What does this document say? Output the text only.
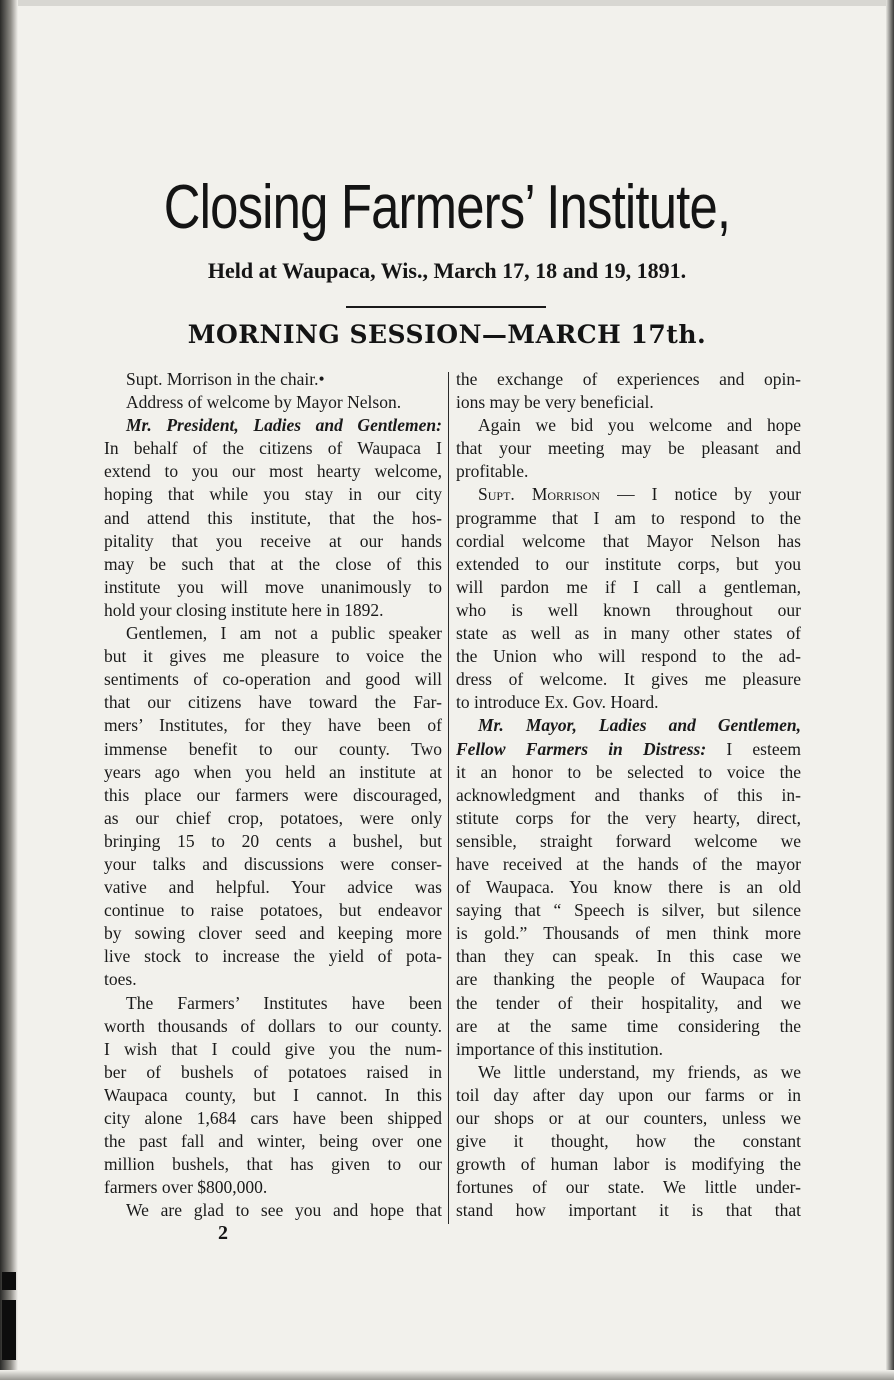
Closing Farmers’ Institute,
Held at Waupaca, Wis., March 17, 18 and 19, 1891.
MORNING SESSION—MARCH 17th.
Supt. Morrison in the chair.•
Address of welcome by Mayor Nelson.
Mr. President, Ladies and Gentlemen:
In behalf of the citizens of Waupaca I
extend to you our most hearty welcome,
hoping that while you stay in our city
and attend this institute, that the hos-
pitality that you receive at our hands
may be such that at the close of this
institute you will move unanimously to
hold your closing institute here in 1892.
Gentlemen, I am not a public speaker
but it gives me pleasure to voice the
sentiments of co-operation and good will
that our citizens have toward the Far-
mers’ Institutes, for they have been of
immense benefit to our county. Two
years ago when you held an institute at
this place our farmers were discouraged,
as our chief crop, potatoes, were only
brinɟing 15 to 20 cents a bushel, but
your talks and discussions were conser-
vative and helpful. Your advice was
continue to raise potatoes, but endeavor
by sowing clover seed and keeping more
live stock to increase the yield of pota-
toes.
The Farmers’ Institutes have been
worth thousands of dollars to our county.
I wish that I could give you the num-
ber of bushels of potatoes raised in
Waupaca county, but I cannot. In this
city alone 1,684 cars have been shipped
the past fall and winter, being over one
million bushels, that has given to our
farmers over $800,000.
We are glad to see you and hope that
the exchange of experiences and opin-
ions may be very beneficial.
Again we bid you welcome and hope
that your meeting may be pleasant and
profitable.
Supt. Morrison — I notice by your
programme that I am to respond to the
cordial welcome that Mayor Nelson has
extended to our institute corps, but you
will pardon me if I call a gentleman,
who is well known throughout our
state as well as in many other states of
the Union who will respond to the ad-
dress of welcome. It gives me pleasure
to introduce Ex. Gov. Hoard.
Mr. Mayor, Ladies and Gentlemen,
Fellow Farmers in Distress: I esteem
it an honor to be selected to voice the
acknowledgment and thanks of this in-
stitute corps for the very hearty, direct,
sensible, straight forward welcome we
have received at the hands of the mayor
of Waupaca. You know there is an old
saying that “ Speech is silver, but silence
is gold.” Thousands of men think more
than they can speak. In this case we
are thanking the people of Waupaca for
the tender of their hospitality, and we
are at the same time considering the
importance of this institution.
We little understand, my friends, as we
toil day after day upon our farms or in
our shops or at our counters, unless we
give it thought, how the constant
growth of human labor is modifying the
fortunes of our state. We little under-
stand how important it is that that
2
